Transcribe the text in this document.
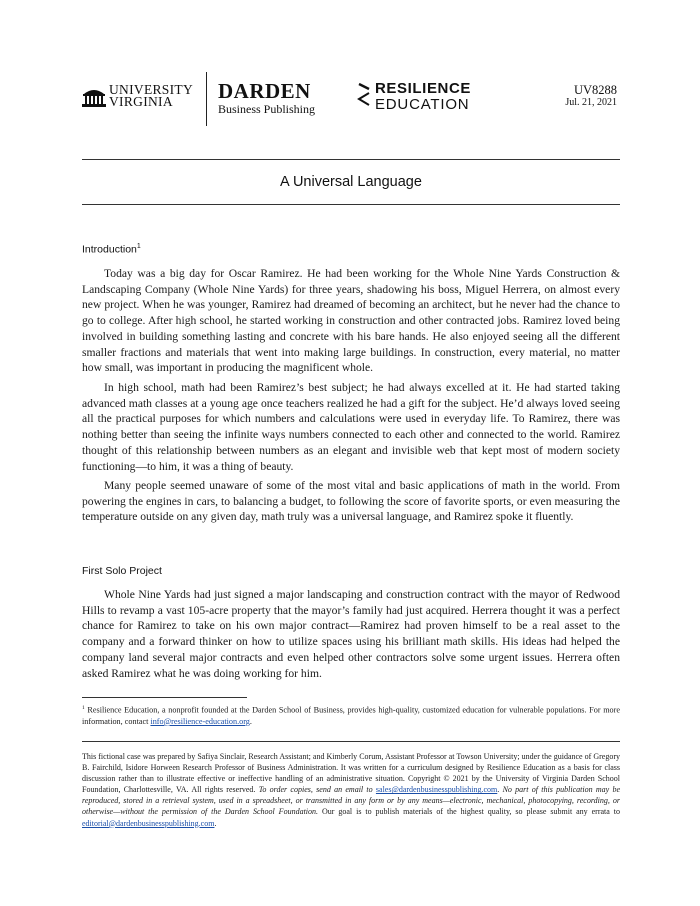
UNIVERSITY
VIRGINIA	DARDEN
Business Publishing
RESILIENCE
EDUCATION
UV8288
Jul. 21, 2021
A Universal Language
Introduction$^1$

Today was a big day for Oscar Ramirez. He had been working for the Whole Nine Yards Construction & Landscaping Company (Whole Nine Yards) for three years, shadowing his boss, Miguel Herrera, on almost every new project. When he was younger, Ramirez had dreamed of becoming an architect, but he never had the chance to go to college. After high school, he started working in construction and other contracted jobs. Ramirez loved being involved in building something lasting and concrete with his bare hands. He also enjoyed seeing all the different smaller fractions and materials that went into making large buildings. In construction, every material, no matter how small, was important in producing the magnificent whole.

In high school, math had been Ramirez’s best subject; he had always excelled at it. He had started taking advanced math classes at a young age once teachers realized he had a gift for the subject. He’d always loved seeing all the practical purposes for which numbers and calculations were used in everyday life. To Ramirez, there was nothing better than seeing the infinite ways numbers connected to each other and connected to the world. Ramirez thought of this relationship between numbers as an elegant and invisible web that kept most of modern society functioning—to him, it was a thing of beauty.

Many people seemed unaware of some of the most vital and basic applications of math in the world. From powering the engines in cars, to balancing a budget, to following the score of favorite sports, or even measuring the temperature outside on any given day, math truly was a universal language, and Ramirez spoke it fluently.

First Solo Project

Whole Nine Yards had just signed a major landscaping and construction contract with the mayor of Redwood Hills to revamp a vast 105-acre property that the mayor’s family had just acquired. Herrera thought it was a perfect chance for Ramirez to take on his own major contract—Ramirez had proven himself to be a real asset to the company and a forward thinker on how to utilize spaces using his brilliant math skills. His ideas had helped the company land several major contracts and even helped other contractors solve some urgent issues. Herrera often asked Ramirez what he was doing working for him.

$^1$ Resilience Education, a nonprofit founded at the Darden School of Business, provides high-quality, customized education for vulnerable populations. For more information, contact info@resilience-education.org.

This fictional case was prepared by Safiya Sinclair, Research Assistant; and Kimberly Corum, Assistant Professor at Towson University; under the guidance of Gregory B. Fairchild, Isidore Horween Research Professor of Business Administration. It was written for a curriculum designed by Resilience Education as a basis for class discussion rather than to illustrate effective or ineffective handling of an administrative situation. Copyright © 2021 by the University of Virginia Darden School Foundation, Charlottesville, VA. All rights reserved. To order copies, send an email to sales@dardenbusinesspublishing.com. No part of this publication may be reproduced, stored in a retrieval system, used in a spreadsheet, or transmitted in any form or by any means—electronic, mechanical, photocopying, recording, or otherwise—without the permission of the Darden School Foundation. Our goal is to publish materials of the highest quality, so please submit any errata to editorial@dardenbusinesspublishing.com.
